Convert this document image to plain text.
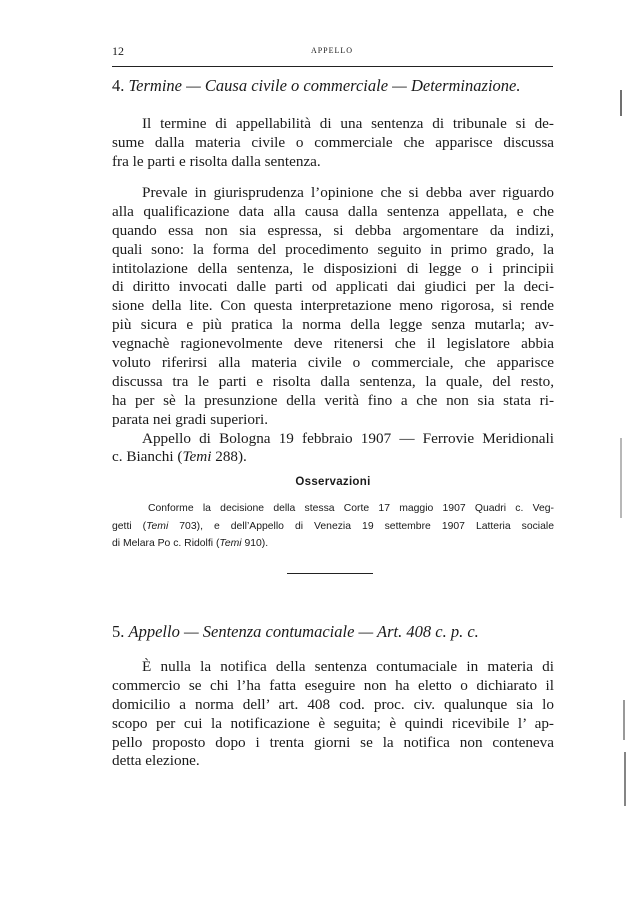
12	APPELLO
4. Termine — Causa civile o commerciale — Determinazione.
Il termine di appellabilità di una sentenza di tribunale si de-
sume dalla materia civile o commerciale che apparisce discussa
fra le parti e risolta dalla sentenza.
Prevale in giurisprudenza l’opinione che si debba aver riguardo
alla qualificazione data alla causa dalla sentenza appellata, e che
quando essa non sia espressa, si debba argomentare da indizi,
quali sono: la forma del procedimento seguito in primo grado, la
intitolazione della sentenza, le disposizioni di legge o i principii
di diritto invocati dalle parti od applicati dai giudici per la deci-
sione della lite. Con questa interpretazione meno rigorosa, si rende
più sicura e più pratica la norma della legge senza mutarla; av-
vegnachè ragionevolmente deve ritenersi che il legislatore abbia
voluto riferirsi alla materia civile o commerciale, che apparisce
discussa tra le parti e risolta dalla sentenza, la quale, del resto,
ha per sè la presunzione della verità fino a che non sia stata ri-
parata nei gradi superiori.
Appello di Bologna 19 febbraio 1907 — Ferrovie Meridionali
c. Bianchi (Temi 288).
Osservazioni
Conforme la decisione della stessa Corte 17 maggio 1907 Quadri c. Veg-
getti (Temi 703), e dell’Appello di Venezia 19 settembre 1907 Latteria sociale
di Melara Po c. Ridolfi (Temi 910).
5. Appello — Sentenza contumaciale — Art. 408 c. p. c.
È nulla la notifica della sentenza contumaciale in materia di
commercio se chi l’ha fatta eseguire non ha eletto o dichiarato il
domicilio a norma dell’ art. 408 cod. proc. civ. qualunque sia lo
scopo per cui la notificazione è seguita; è quindi ricevibile l’ ap-
pello proposto dopo i trenta giorni se la notifica non conteneva
detta elezione.
